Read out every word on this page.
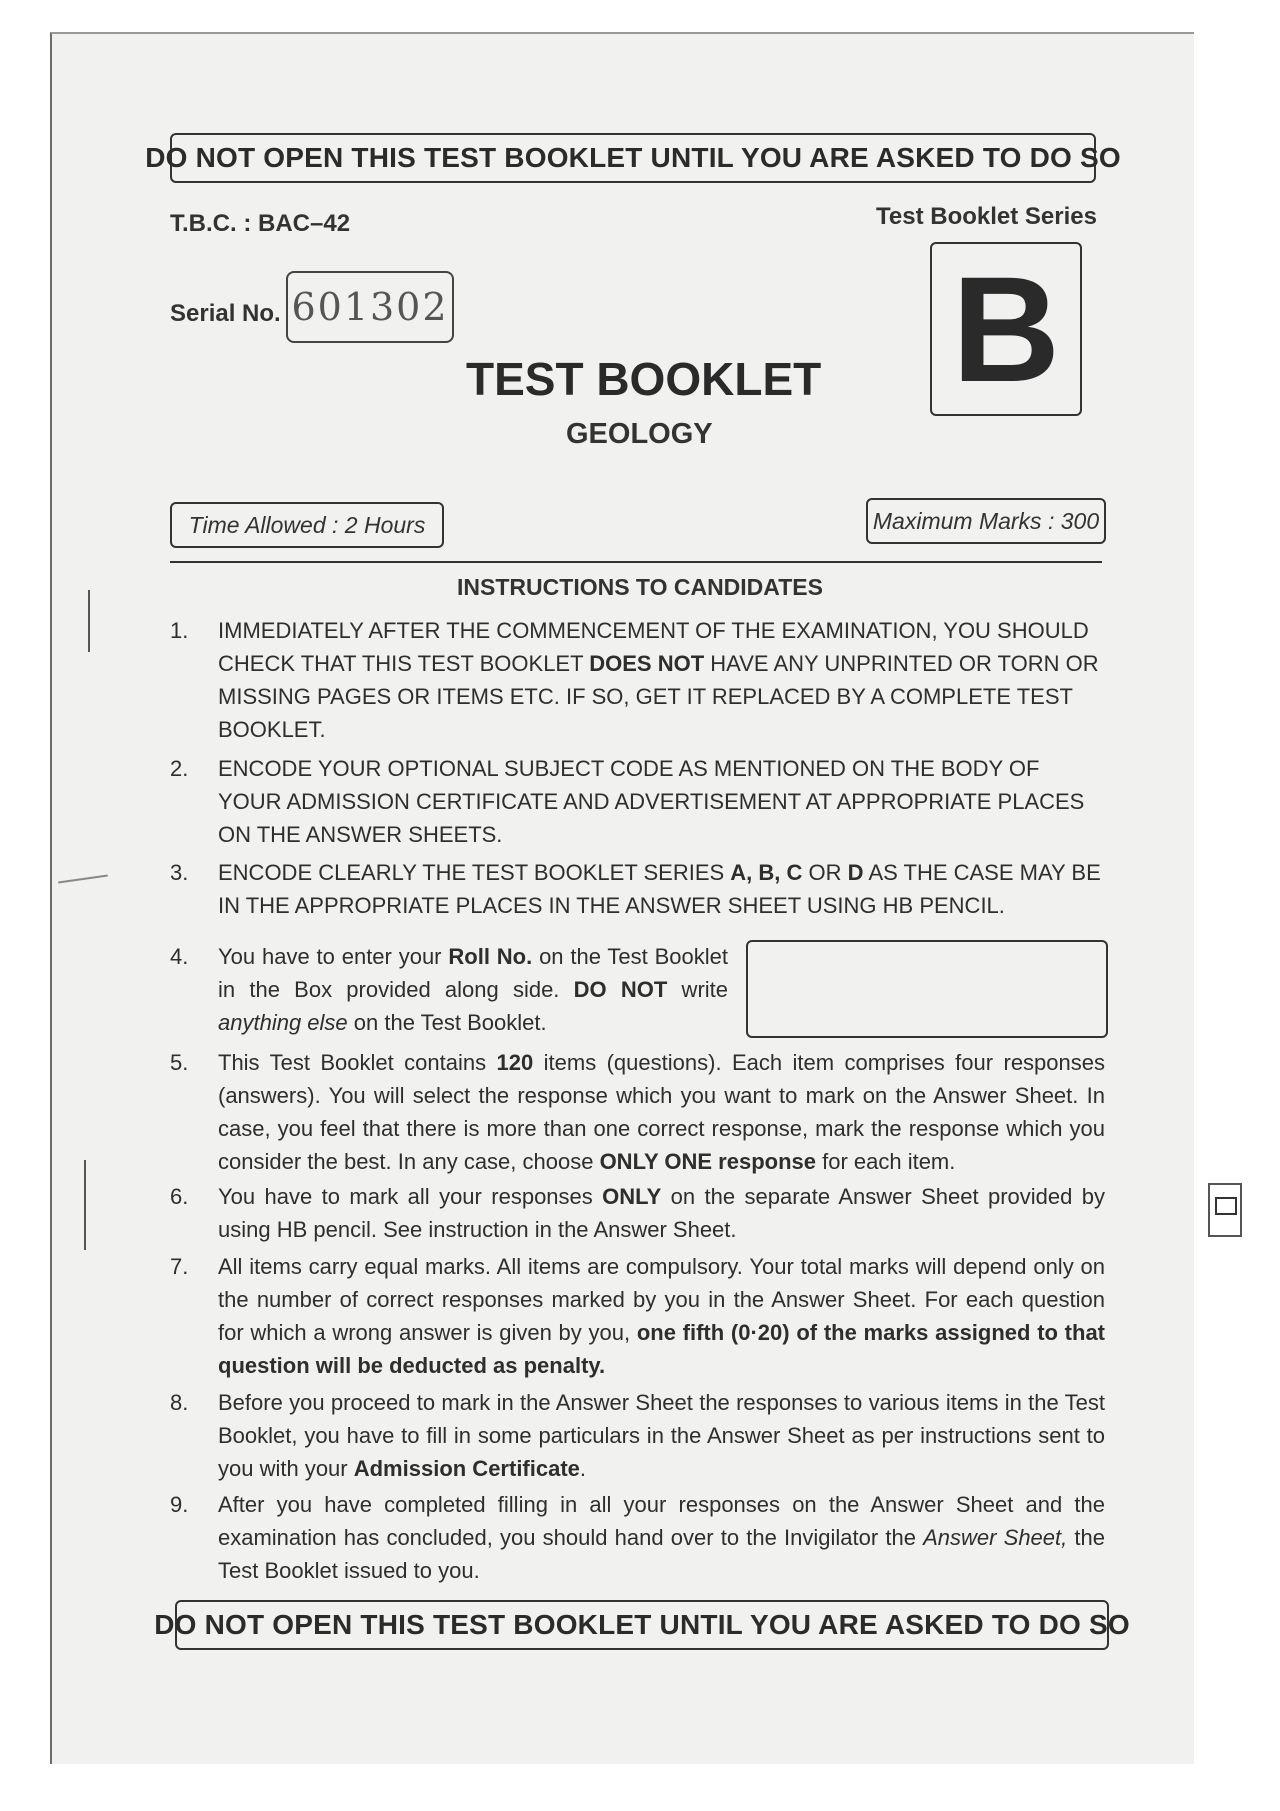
DO NOT OPEN THIS TEST BOOKLET UNTIL YOU ARE ASKED TO DO SO
T.B.C. : BAC–42	Test Booklet Series
B
Serial No. 601302
TEST BOOKLET
GEOLOGY
Time Allowed : 2 Hours	Maximum Marks : 300
INSTRUCTIONS TO CANDIDATES
1.	IMMEDIATELY AFTER THE COMMENCEMENT OF THE EXAMINATION, YOU SHOULD CHECK THAT THIS TEST BOOKLET DOES NOT HAVE ANY UNPRINTED OR TORN OR MISSING PAGES OR ITEMS ETC. IF SO, GET IT REPLACED BY A COMPLETE TEST BOOKLET.
2.	ENCODE YOUR OPTIONAL SUBJECT CODE AS MENTIONED ON THE BODY OF YOUR ADMISSION CERTIFICATE AND ADVERTISEMENT AT APPROPRIATE PLACES ON THE ANSWER SHEETS.
3.	ENCODE CLEARLY THE TEST BOOKLET SERIES A, B, C OR D AS THE CASE MAY BE IN THE APPROPRIATE PLACES IN THE ANSWER SHEET USING HB PENCIL.
4.	You have to enter your Roll No. on the Test Booklet in the Box provided along side. DO NOT write anything else on the Test Booklet.
5.	This Test Booklet contains 120 items (questions). Each item comprises four responses (answers). You will select the response which you want to mark on the Answer Sheet. In case, you feel that there is more than one correct response, mark the response which you consider the best. In any case, choose ONLY ONE response for each item.
6.	You have to mark all your responses ONLY on the separate Answer Sheet provided by using HB pencil. See instruction in the Answer Sheet.
7.	All items carry equal marks. All items are compulsory. Your total marks will depend only on the number of correct responses marked by you in the Answer Sheet. For each question for which a wrong answer is given by you, one fifth (0·20) of the marks assigned to that question will be deducted as penalty.
8.	Before you proceed to mark in the Answer Sheet the responses to various items in the Test Booklet, you have to fill in some particulars in the Answer Sheet as per instructions sent to you with your Admission Certificate.
9.	After you have completed filling in all your responses on the Answer Sheet and the examination has concluded, you should hand over to the Invigilator the Answer Sheet, the Test Booklet issued to you.
DO NOT OPEN THIS TEST BOOKLET UNTIL YOU ARE ASKED TO DO SO
